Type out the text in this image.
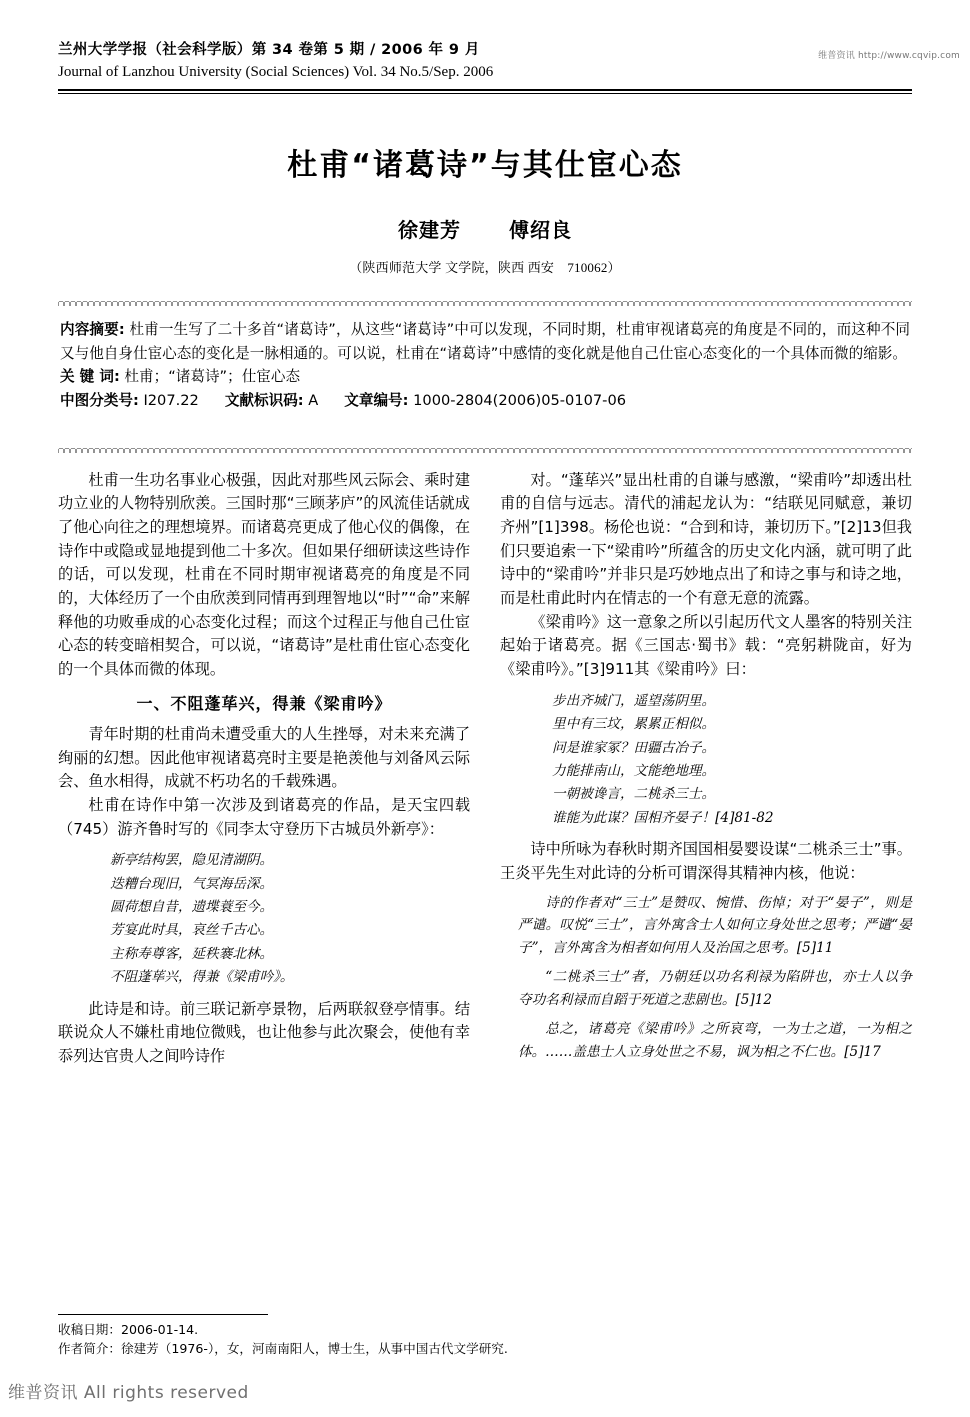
维普资讯 http://www.cqvip.com
兰州大学学报（社会科学版）第 34 卷第 5 期 / 2006 年 9 月
Journal of Lanzhou University (Social Sciences) Vol. 34 No.5/Sep. 2006
杜甫“诸葛诗”与其仕宦心态
徐建芳 傅绍良
（陕西师范大学 文学院，陕西 西安　710062）

内容摘要: 杜甫一生写了二十多首“诸葛诗”，从这些“诸葛诗”中可以发现，不同时期，杜甫审视诸葛亮的角度是不同的，而这种不同又与他自身仕宦心态的变化是一脉相通的。可以说，杜甫在“诸葛诗”中感情的变化就是他自己仕宦心态变化的一个具体而微的缩影。

关 键 词: 杜甫；“诸葛诗”；仕宦心态

中图分类号: I207.22 文献标识码: A 文章编号: 1000-2804(2006)05-0107-06

杜甫一生功名事业心极强，因此对那些风云际会、乘时建功立业的人物特别欣羡。三国时那“三顾茅庐”的风流佳话就成了他心向往之的理想境界。而诸葛亮更成了他心仪的偶像，在诗作中或隐或显地提到他二十多次。但如果仔细研读这些诗作的话，可以发现，杜甫在不同时期审视诸葛亮的角度是不同的，大体经历了一个由欣羡到同情再到理智地以“时”“命”来解释他的功败垂成的心态变化过程；而这个过程正与他自己仕宦心态的转变暗相契合，可以说，“诸葛诗”是杜甫仕宦心态变化的一个具体而微的体现。

一、不阻蓬荜兴，得兼《梁甫吟》

青年时期的杜甫尚未遭受重大的人生挫辱，对未来充满了绚丽的幻想。因此他审视诸葛亮时主要是艳羡他与刘备风云际会、鱼水相得，成就不朽功名的千载殊遇。

杜甫在诗作中第一次涉及到诸葛亮的作品，是天宝四载（745）游齐鲁时写的《同李太守登历下古城员外新亭》：

新亭结构罢，隐见清湖阴。
迭糟台现旧，气冥海岳深。
圆荷想自昔，遗堞蓑至今。
芳宴此时具，哀丝千古心。
主称寿尊客，延秩褰北林。
不阻蓬荜兴，得兼《梁甫吟》。

此诗是和诗。前三联记新亭景物，后两联叙登亭情事。结联说众人不嫌杜甫地位微贱，也让他参与此次聚会，使他有幸忝列达官贵人之间吟诗作

对。“蓬荜兴”显出杜甫的自谦与感激，“梁甫吟”却透出杜甫的自信与远志。清代的浦起龙认为：“结联见同赋意，兼切齐州”[1]398。杨伦也说：“合到和诗，兼切历下。”[2]13但我们只要追索一下“梁甫吟”所蕴含的历史文化内涵，就可明了此诗中的“梁甫吟”并非只是巧妙地点出了和诗之事与和诗之地，而是杜甫此时内在情志的一个有意无意的流露。

《梁甫吟》这一意象之所以引起历代文人墨客的特别关注起始于诸葛亮。据《三国志·蜀书》载：“亮躬耕陇亩，好为《梁甫吟》。”[3]911其《梁甫吟》曰：

步出齐城门，遥望荡阴里。
里中有三坟，累累正相似。
问是谁家冢？田疆古冶子。
力能排南山，文能绝地理。
一朝被谗言，二桃杀三士。
谁能为此谋？国相齐晏子！[4]81-82

诗中所咏为春秋时期齐国国相晏婴设谋“二桃杀三士”事。王炎平先生对此诗的分析可谓深得其精神内核，他说：

诗的作者对“三士”是赞叹、惋惜、伤悼；对于“晏子”，则是严谴。叹悦“三士”，言外寓含士人如何立身处世之思考；严谴“晏子”，言外寓含为相者如何用人及治国之思考。[5]11
“二桃杀三士”者，乃朝廷以功名利禄为陷阱也，亦士人以争夺功名利禄而自蹈于死道之悲剧也。[5]12
总之，诸葛亮《梁甫吟》之所哀弯，一为士之道，一为相之体。……盖患士人立身处世之不易，讽为相之不仁也。[5]17
收稿日期：2006-01-14.
作者简介：徐建芳（1976-），女，河南南阳人，博士生，从事中国古代文学研究.
维普资讯 All rights reserved
